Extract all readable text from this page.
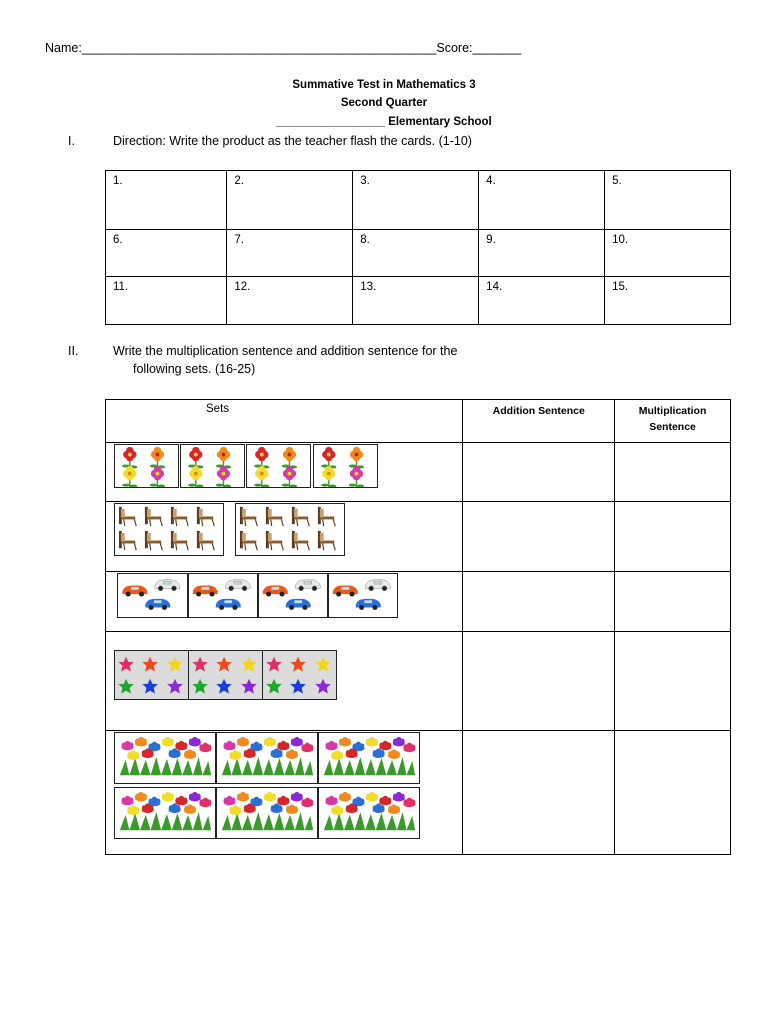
Name:___________________________________________________Score:_______
Summative Test in Mathematics 3
Second Quarter
_________________ Elementary School
I.	Direction: Write the product as the teacher flash the cards. (1-10)
1.	2.	3.	4.	5.
6.	7.	8.	9.	10.
11.	12.	13.	14.	15.
II.	Write the multiplication sentence and addition sentence for the
following sets. (16-25)
Sets	Addition Sentence	Multiplication
Sentence
